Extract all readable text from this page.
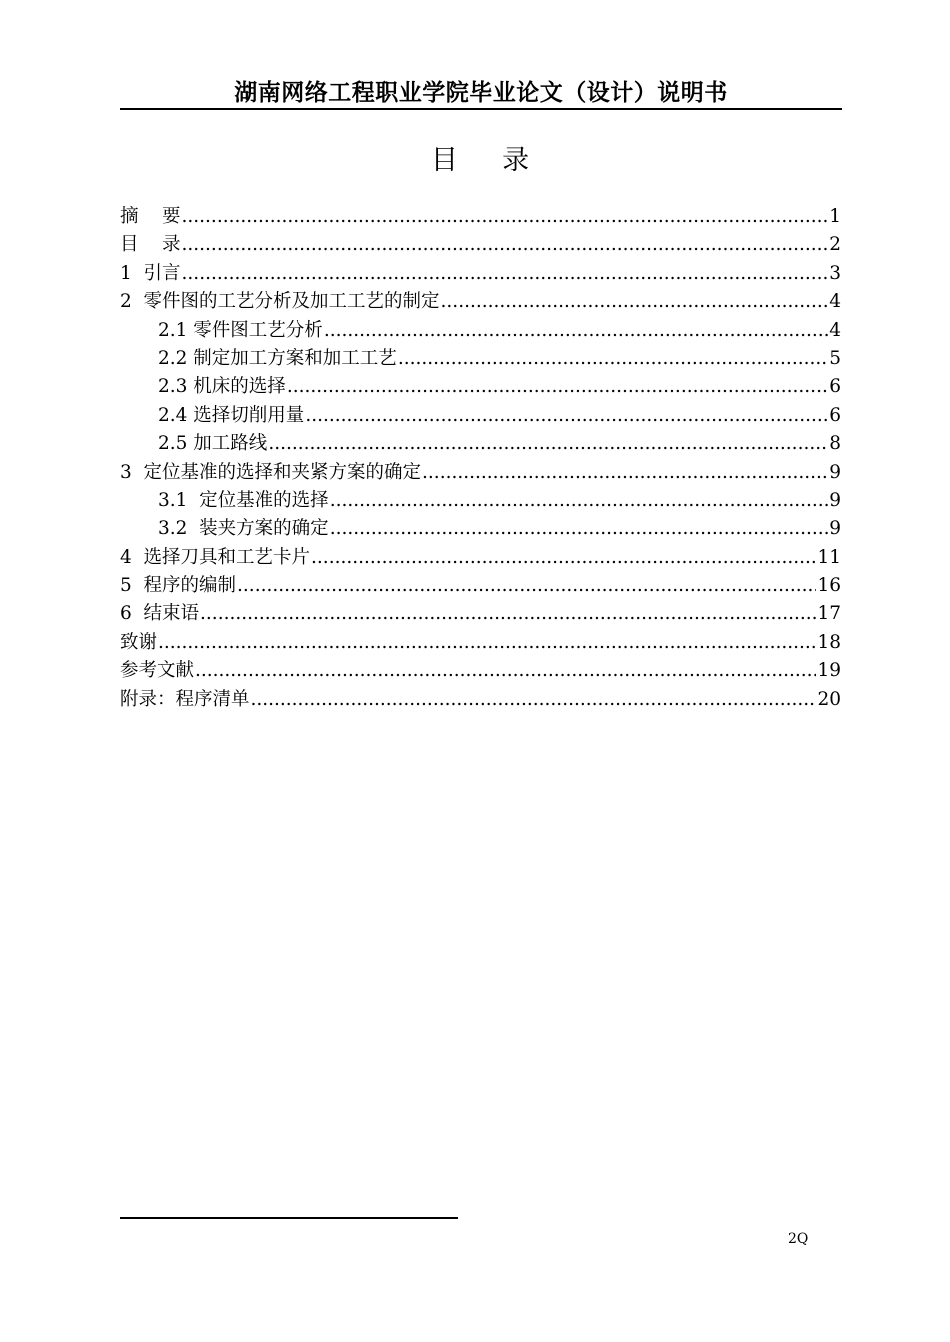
湖南网络工程职业学院毕业论文（设计）说明书
目    录
摘    要 .....	1
目    录 .....	2
1  引言 .....	3
2  零件图的工艺分析及加工工艺的制定 .....	4
2.1 零件图工艺分析 .....	4
2.2 制定加工方案和加工工艺 .....	5
2.3 机床的选择 .....	6
2.4 选择切削用量 .....	6
2.5 加工路线 .....	8
3  定位基准的选择和夹紧方案的确定 .....	9
3.1  定位基准的选择 .....	9
3.2  装夹方案的确定 .....	9
4  选择刀具和工艺卡片 .....	11
5  程序的编制 .....	16
6  结束语 .....	17
致谢 .....	18
参考文献 .....	19
附录：程序清单 .....	20
2Q
